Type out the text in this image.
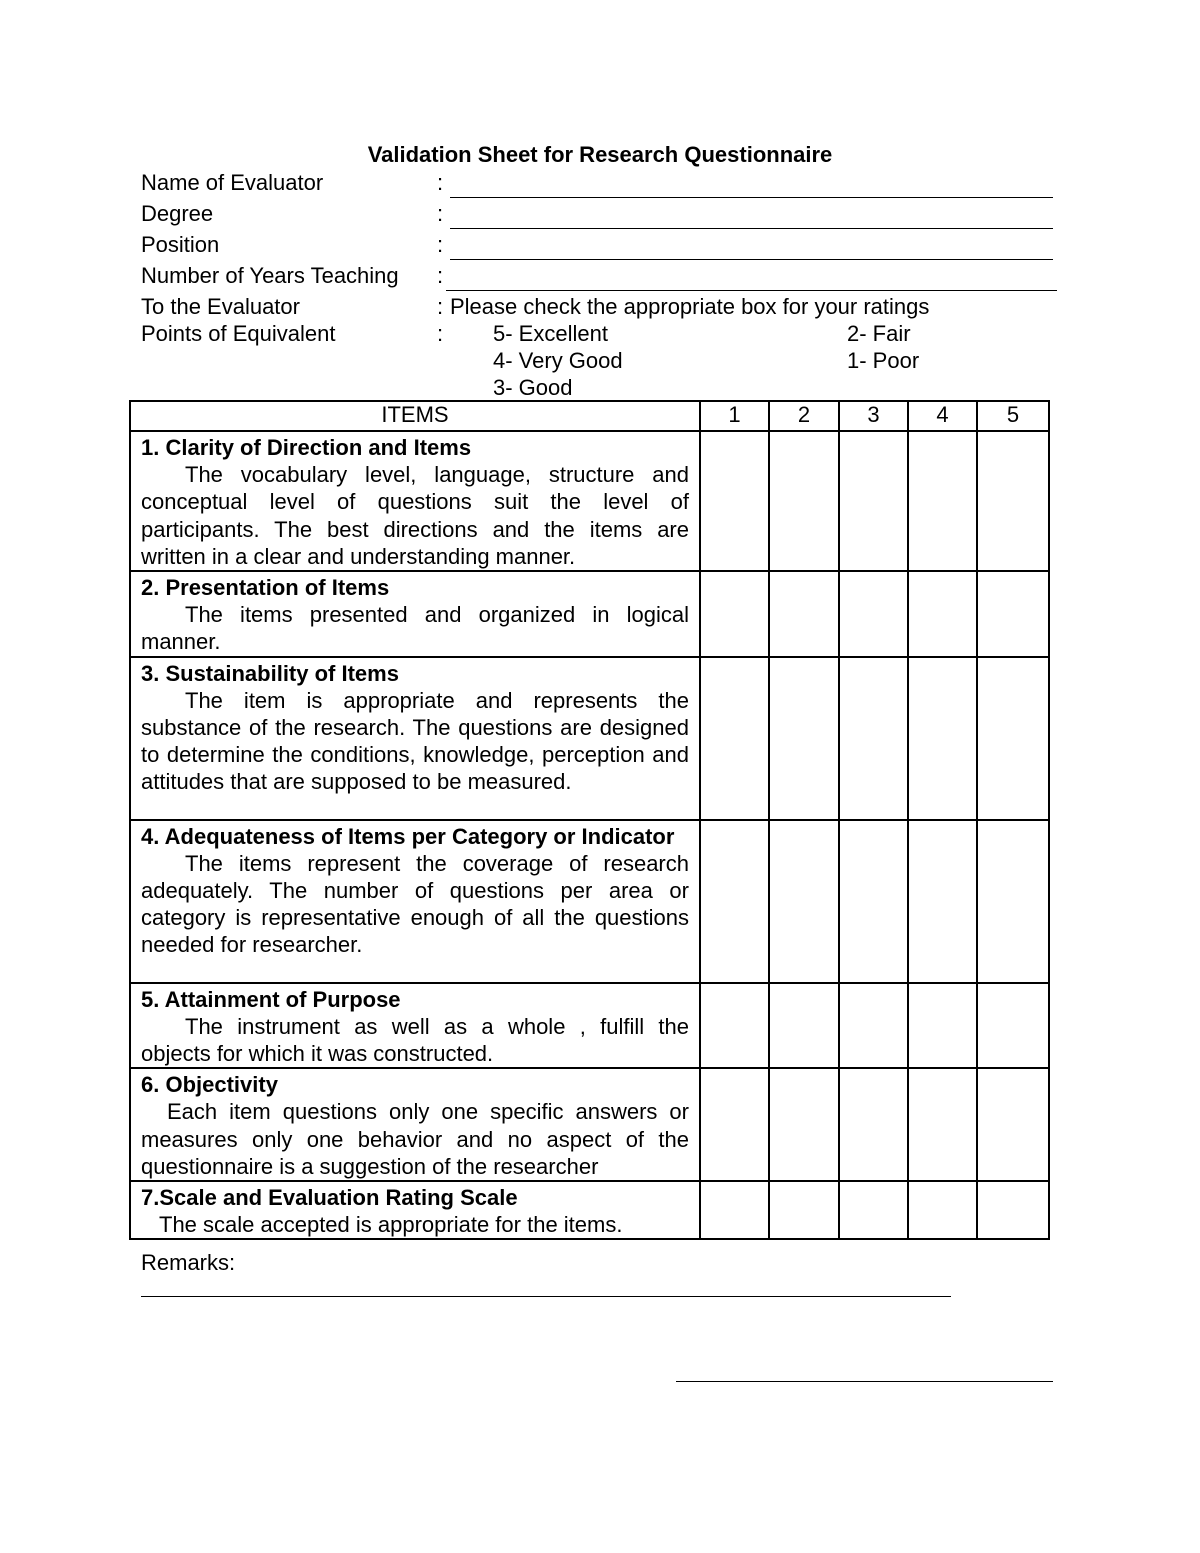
Validation Sheet for Research Questionnaire
Name of Evaluator	:
Degree	:
Position	:
Number of Years Teaching :
To the Evaluator	: Please check the appropriate box for your ratings
Points of Equivalent	: 5- Excellent
4- Very Good
3- Good
2- Fair
1- Poor
ITEMS	1	2	3	4	5

1. Clarity of Direction and Items
The vocabulary level, language, structure and conceptual level of questions suit the level of participants. The best directions and the items are written in a clear and understanding manner.					

2. Presentation of Items
The items presented and organized in logical manner.					

3. Sustainability of Items
The item is appropriate and represents the substance of the research. The questions are designed to determine the conditions, knowledge, perception and attitudes that are supposed to be measured.					

4. Adequateness of Items per Category or Indicator
The items represent the coverage of research adequately. The number of questions per area or category is representative enough of all the questions needed for researcher.					

5. Attainment of Purpose
The instrument as well as a whole , fulfill the objects for which it was constructed.					

6. Objectivity
Each item questions only one specific answers or measures only one behavior and no aspect of the questionnaire is a suggestion of the researcher					

7.Scale and Evaluation Rating Scale
The scale accepted is appropriate for the items.					

Remarks:
